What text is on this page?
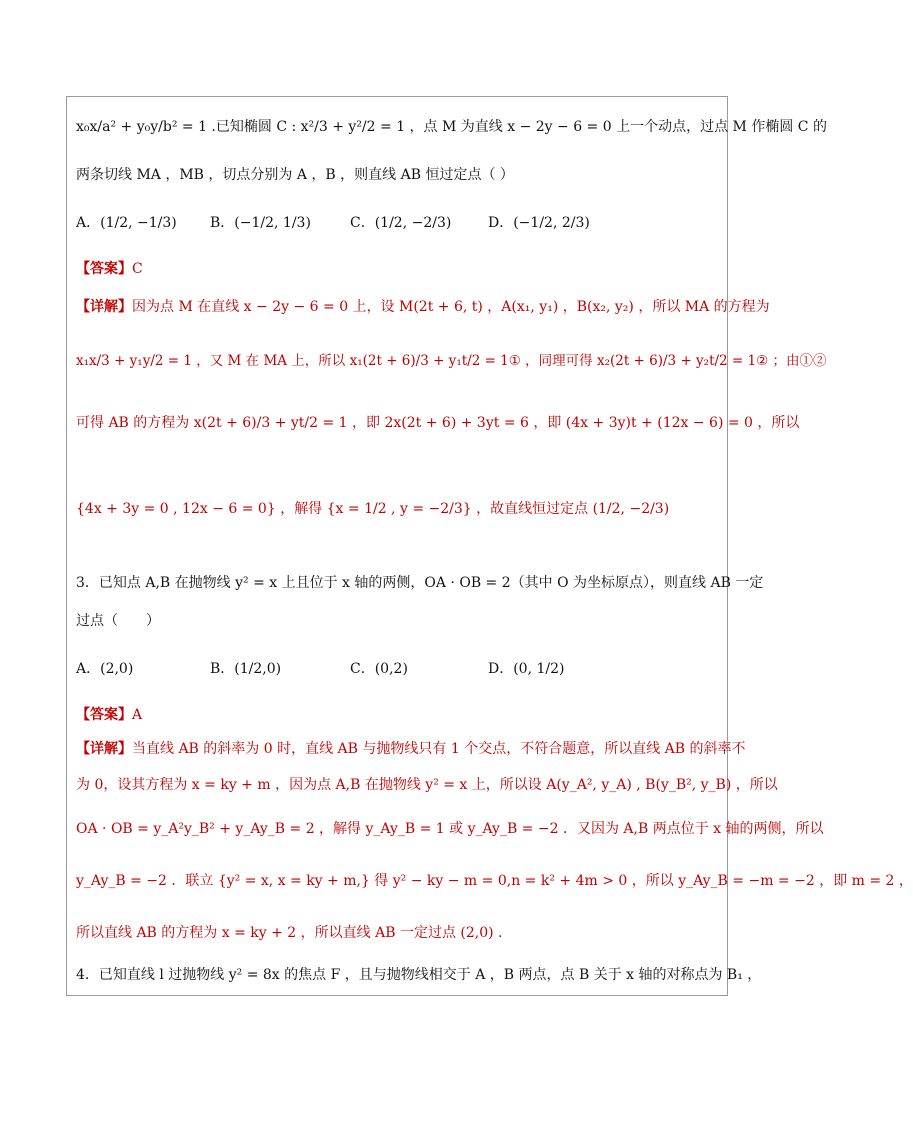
x₀x/a² + y₀y/b² = 1 .已知椭圆 C : x²/3 + y²/2 = 1 ，点 M 为直线 x − 2y − 6 = 0 上一个动点，过点 M 作椭圆 C 的
两条切线 MA ，MB ，切点分别为 A ，B ，则直线 AB 恒过定点（ ）
A．(1/2, −1/3) B．(−1/2, 1/3)	C．(1/2, −2/3)	D．(−1/2, 2/3)
【答案】C
【详解】因为点 M 在直线 x − 2y − 6 = 0 上，设 M(2t + 6, t) ，A(x₁, y₁) ，B(x₂, y₂) ，所以 MA 的方程为
x₁x/3 + y₁y/2 = 1 ，又 M 在 MA 上，所以 x₁(2t + 6)/3 + y₁t/2 = 1① ，同理可得 x₂(2t + 6)/3 + y₂t/2 = 1② ；由①②
可得 AB 的方程为 x(2t + 6)/3 + yt/2 = 1 ，即 2x(2t + 6) + 3yt = 6 ，即 (4x + 3y)t + (12x − 6) = 0 ，所以
{4x + 3y = 0 , 12x − 6 = 0} ，解得 {x = 1/2 , y = −2/3} ，故直线恒过定点 (1/2, −2/3)
3．已知点 A,B 在抛物线 y² = x 上且位于 x 轴的两侧，OA · OB = 2（其中 O 为坐标原点），则直线 AB 一定
过点（　　）
A．(2,0)	B．(1/2,0)	C．(0,2)	D．(0, 1/2)
【答案】A
【详解】当直线 AB 的斜率为 0 时，直线 AB 与抛物线只有 1 个交点，不符合题意，所以直线 AB 的斜率不
为 0，设其方程为 x = ky + m ，因为点 A,B 在抛物线 y² = x 上，所以设 A(y_A², y_A) , B(y_B², y_B) ，所以
OA · OB = y_A²y_B² + y_Ay_B = 2 ，解得 y_Ay_B = 1 或 y_Ay_B = −2 ．又因为 A,B 两点位于 x 轴的两侧，所以
y_Ay_B = −2 ．联立 {y² = x, x = ky + m,} 得 y² − ky − m = 0,n = k² + 4m > 0 ，所以 y_Ay_B = −m = −2 ，即 m = 2 ，
所以直线 AB 的方程为 x = ky + 2 ，所以直线 AB 一定过点 (2,0) .
4．已知直线 l 过抛物线 y² = 8x 的焦点 F ，且与抛物线相交于 A ，B 两点，点 B 关于 x 轴的对称点为 B₁ ，
